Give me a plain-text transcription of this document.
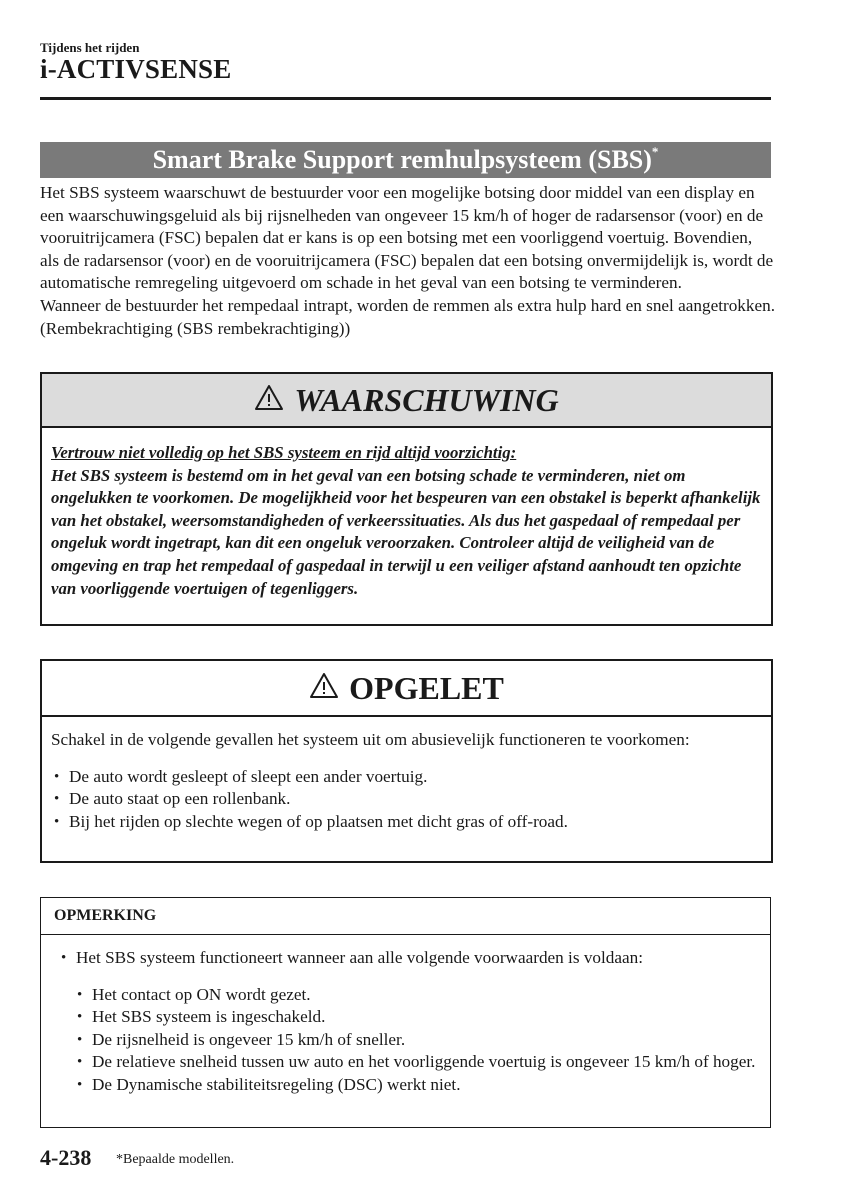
Tijdens het rijden
i-ACTIVSENSE
Smart Brake Support remhulpsysteem (SBS)*

Het SBS systeem waarschuwt de bestuurder voor een mogelijke botsing door middel van een display en een waarschuwingsgeluid als bij rijsnelheden van ongeveer 15 km/h of hoger de radarsensor (voor) en de vooruitrijcamera (FSC) bepalen dat er kans is op een botsing met een voorliggend voertuig. Bovendien, als de radarsensor (voor) en de vooruitrijcamera (FSC) bepalen dat een botsing onvermijdelijk is, wordt de automatische remregeling uitgevoerd om schade in het geval van een botsing te verminderen.

Wanneer de bestuurder het rempedaal intrapt, worden de remmen als extra hulp hard en snel aangetrokken. (Rembekrachtiging (SBS rembekrachtiging))

WAARSCHUWING
Vertrouw niet volledig op het SBS systeem en rijd altijd voorzichtig:
Het SBS systeem is bestemd om in het geval van een botsing schade te verminderen, niet om ongelukken te voorkomen. De mogelijkheid voor het bespeuren van een obstakel is beperkt afhankelijk van het obstakel, weersomstandigheden of verkeerssituaties. Als dus het gaspedaal of rempedaal per ongeluk wordt ingetrapt, kan dit een ongeluk veroorzaken. Controleer altijd de veiligheid van de omgeving en trap het rempedaal of gaspedaal in terwijl u een veiliger afstand aanhoudt ten opzichte van voorliggende voertuigen of tegenliggers.
OPGELET

Schakel in de volgende gevallen het systeem uit om abusievelijk functioneren te voorkomen:

• De auto wordt gesleept of sleept een ander voertuig.
• De auto staat op een rollenbank.
• Bij het rijden op slechte wegen of op plaatsen met dicht gras of off-road.
OPMERKING
• Het SBS systeem functioneert wanneer aan alle volgende voorwaarden is voldaan:
• Het contact op ON wordt gezet.
• Het SBS systeem is ingeschakeld.
• De rijsnelheid is ongeveer 15 km/h of sneller.
• De relatieve snelheid tussen uw auto en het voorliggende voertuig is ongeveer 15 km/h of hoger.
• De Dynamische stabiliteitsregeling (DSC) werkt niet.
4-238 *Bepaalde modellen.
